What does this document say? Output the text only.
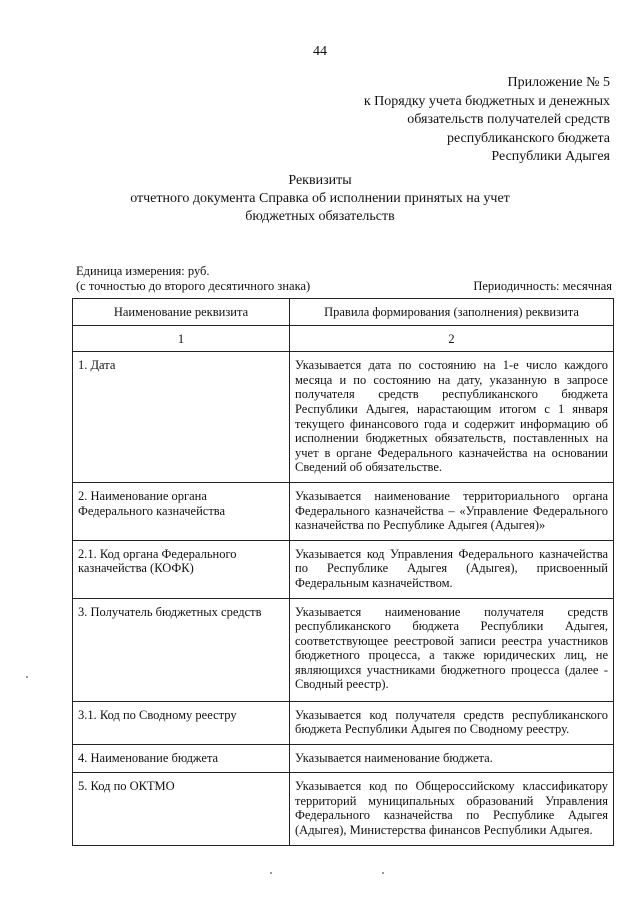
44
Приложение № 5
к Порядку учета бюджетных и денежных
обязательств получателей средств
республиканского бюджета
Республики Адыгея
Реквизиты
отчетного документа Справка об исполнении принятых на учет
бюджетных обязательств
Единица измерения: руб.
(с точностью до второго десятичного знака)	Периодичность: месячная
Наименование реквизита	Правила формирования (заполнения) реквизита
1	2
1. Дата	Указывается дата по состоянию на 1-е число каждого месяца и по состоянию на дату, указанную в запросе получателя средств республиканского бюджета Республики Адыгея, нарастающим итогом с 1 января текущего финансового года и содержит информацию об исполнении бюджетных обязательств, поставленных на учет в органе Федерального казначейства на основании Сведений об обязательстве.
2. Наименование органа Федерального казначейства	Указывается наименование территориального органа Федерального казначейства – «Управление Федерального казначейства по Республике Адыгея (Адыгея)»
2.1. Код органа Федерального казначейства (КОФК)	Указывается код Управления Федерального казначейства по Республике Адыгея (Адыгея), присвоенный Федеральным казначейством.
3. Получатель бюджетных средств	Указывается наименование получателя средств республиканского бюджета Республики Адыгея, соответствующее реестровой записи реестра участников бюджетного процесса, а также юридических лиц, не являющихся участниками бюджетного процесса (далее - Сводный реестр).
3.1. Код по Сводному реестру	Указывается код получателя средств республиканского бюджета Республики Адыгея по Сводному реестру.
4. Наименование бюджета	Указывается наименование бюджета.
5. Код по ОКТМО	Указывается код по Общероссийскому классификатору территорий муниципальных образований Управления Федерального казначейства по Республике Адыгея (Адыгея), Министерства финансов Республики Адыгея.
